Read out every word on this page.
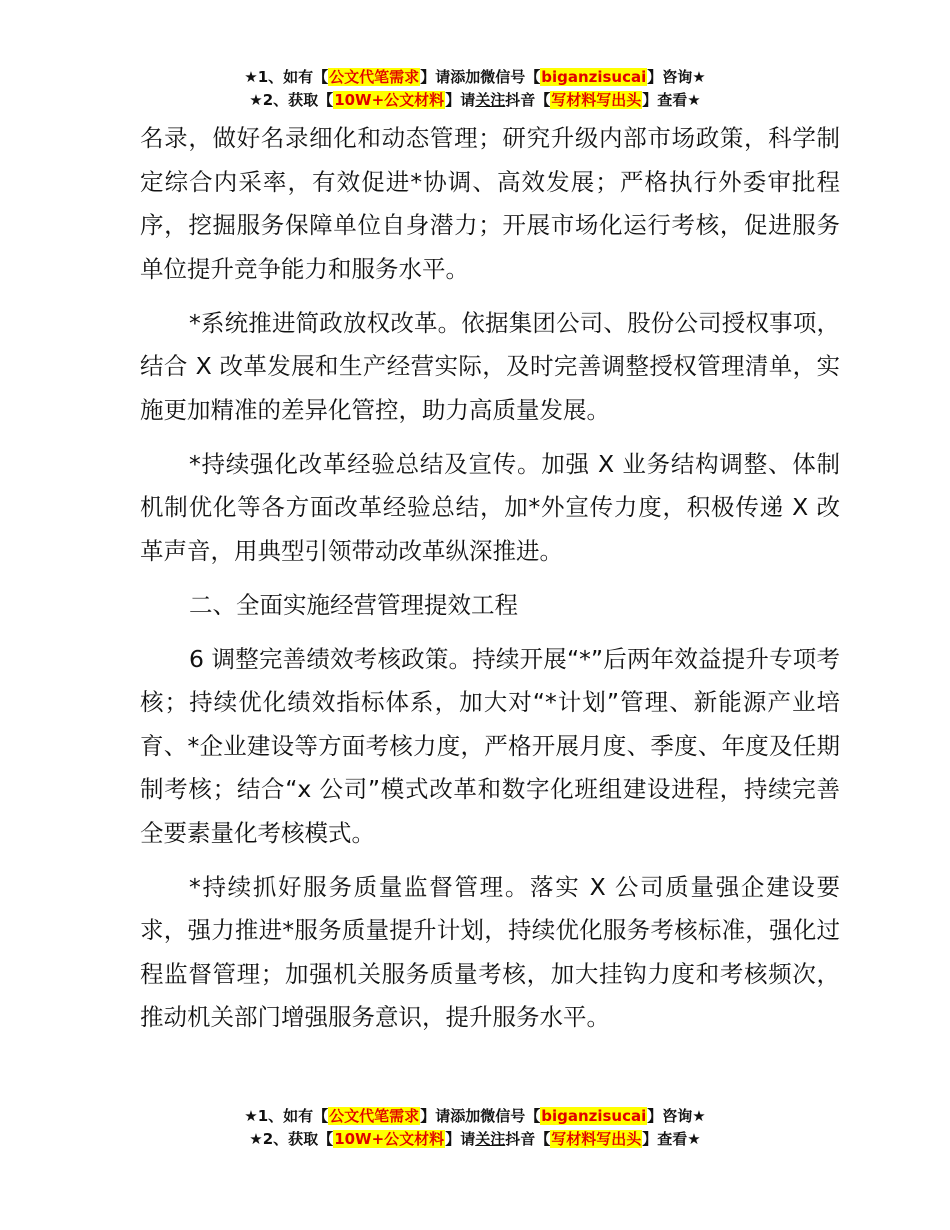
★1、如有【公文代笔需求】请添加微信号【biganzisucai】咨询★
★2、获取【10W+公文材料】请关注抖音【写材料写出头】查看★

名录，做好名录细化和动态管理；研究升级内部市场政策，科学制定综合内采率，有效促进*协调、高效发展；严格执行外委审批程序，挖掘服务保障单位自身潜力；开展市场化运行考核，促进服务单位提升竞争能力和服务水平。

*系统推进简政放权改革。依据集团公司、股份公司授权事项，结合 X 改革发展和生产经营实际，及时完善调整授权管理清单，实施更加精准的差异化管控，助力高质量发展。

*持续强化改革经验总结及宣传。加强 X 业务结构调整、体制机制优化等各方面改革经验总结，加*外宣传力度，积极传递 X 改革声音，用典型引领带动改革纵深推进。

二、全面实施经营管理提效工程

6 调整完善绩效考核政策。持续开展“*”后两年效益提升专项考核；持续优化绩效指标体系，加大对“*计划”管理、新能源产业培育、*企业建设等方面考核力度，严格开展月度、季度、年度及任期制考核；结合“x 公司”模式改革和数字化班组建设进程，持续完善全要素量化考核模式。

*持续抓好服务质量监督管理。落实 X 公司质量强企建设要求，强力推进*服务质量提升计划，持续优化服务考核标准，强化过程监督管理；加强机关服务质量考核，加大挂钩力度和考核频次，推动机关部门增强服务意识，提升服务水平。

★1、如有【公文代笔需求】请添加微信号【biganzisucai】咨询★
★2、获取【10W+公文材料】请关注抖音【写材料写出头】查看★
